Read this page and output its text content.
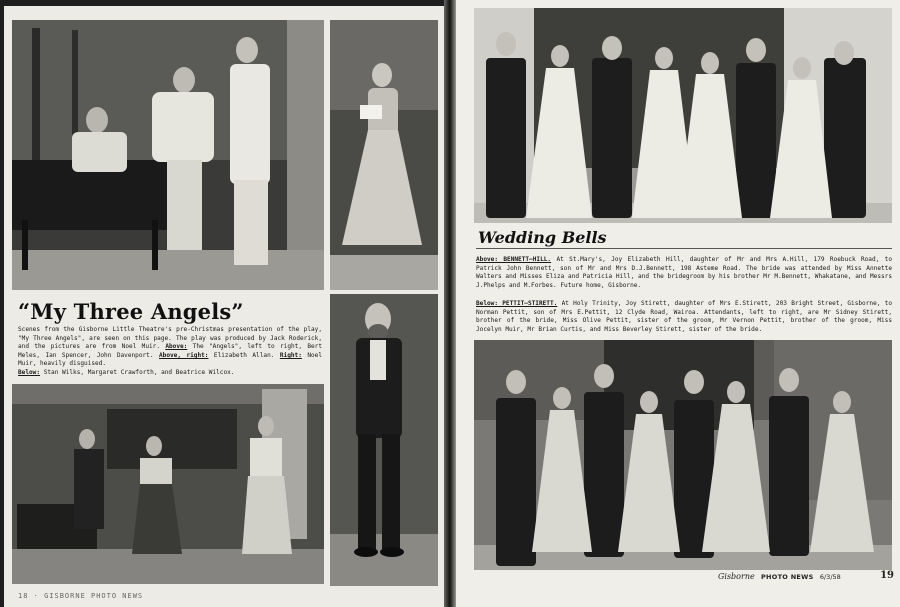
“My Three Angels”
Scenes from the Gisborne Little Theatre's pre-Christmas presentation of the play, "My Three Angels", are seen on this page. The play was produced by Jack Roderick, and the pictures are from Noel Muir. Above: The "Angels", left to right, Bert Meles, Ian Spencer, John Davenport. Above, right: Elizabeth Allan. Right: Noel Muir, heavily disguised.
Below: Stan Wilks, Margaret Crawforth, and Beatrice Wilcox.
18 · GISBORNE PHOTO NEWS
Wedding Bells
Above: BENNETT—HILL. At St.Mary's, Joy Elizabeth Hill, daughter of Mr and Mrs A.Hill, 179 Roebuck Road, to Patrick John Bennett, son of Mr and Mrs D.J.Bennett, 198 Asteme Road. The bride was attended by Miss Annette Walters and Misses Eliza and Patricia Hill, and the bridegroom by his brother Mr M.Bennett, Whakatane, and Messrs J.Phelps and M.Forbes. Future home, Gisborne.
Below: PETTIT—STIRETT. At Holy Trinity, Joy Stirett, daughter of Mrs E.Stirett, 203 Bright Street, Gisborne, to Norman Pettit, son of Mrs E.Pettit, 12 Clyde Road, Wairoa. Attendants, left to right, are Mr Sidney Stirett, brother of the bride, Miss Olive Pettit, sister of the groom, Mr Vernon Pettit, brother of the groom, Miss Jocelyn Muir, Mr Brian Curtis, and Miss Beverley Stirett, sister of the bride.
Gisborne PHOTO NEWS 6/3/58	19
